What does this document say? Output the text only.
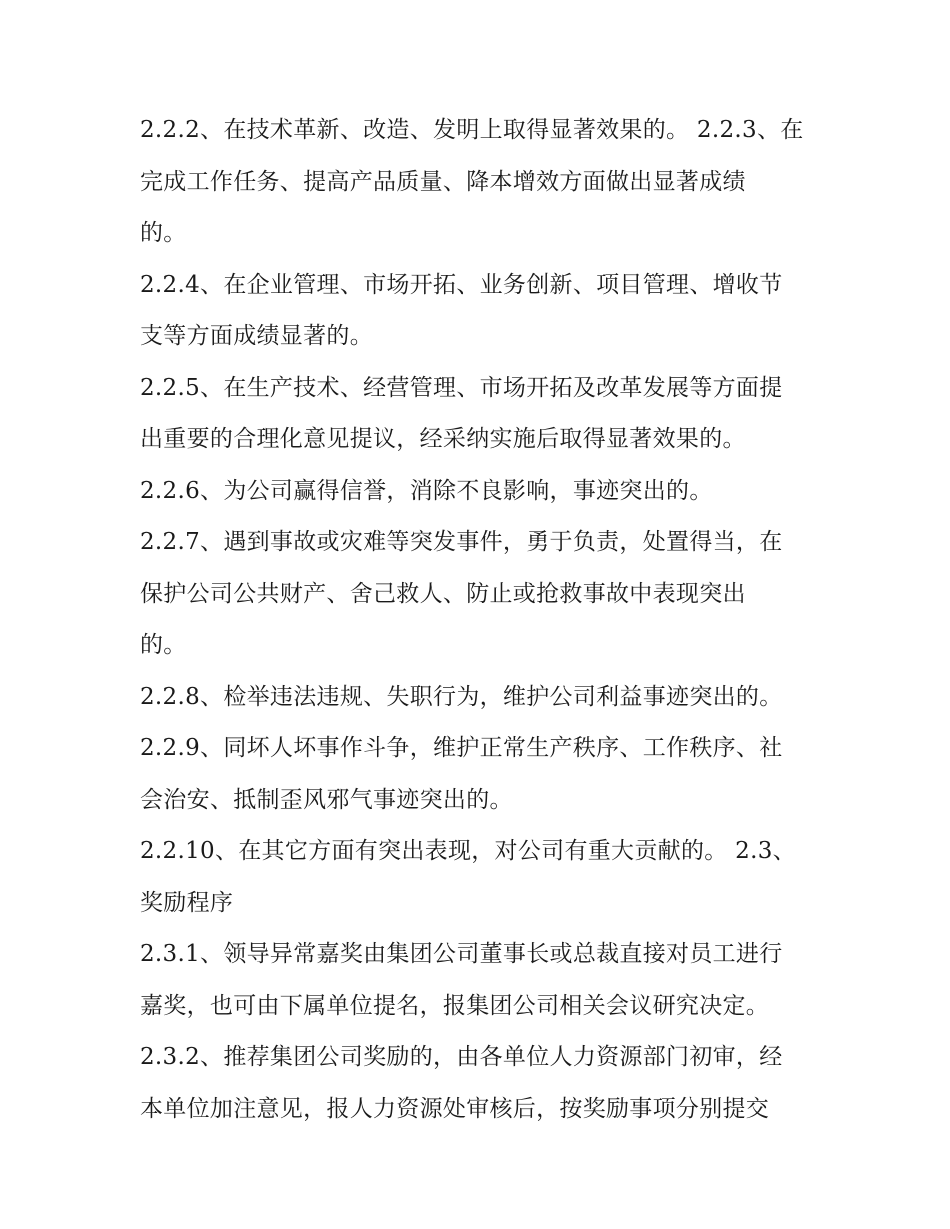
2.2.2、在技术革新、改造、发明上取得显著效果的。 2.2.3、在
完成工作任务、提高产品质量、降本增效方面做出显著成绩
的。
2.2.4、在企业管理、市场开拓、业务创新、项目管理、增收节
支等方面成绩显著的。
2.2.5、在生产技术、经营管理、市场开拓及改革发展等方面提
出重要的合理化意见提议，经采纳实施后取得显著效果的。
2.2.6、为公司赢得信誉，消除不良影响，事迹突出的。
2.2.7、遇到事故或灾难等突发事件，勇于负责，处置得当，在
保护公司公共财产、舍己救人、防止或抢救事故中表现突出
的。
2.2.8、检举违法违规、失职行为，维护公司利益事迹突出的。
2.2.9、同坏人坏事作斗争，维护正常生产秩序、工作秩序、社
会治安、抵制歪风邪气事迹突出的。
2.2.10、在其它方面有突出表现，对公司有重大贡献的。 2.3、
奖励程序
2.3.1、领导异常嘉奖由集团公司董事长或总裁直接对员工进行
嘉奖，也可由下属单位提名，报集团公司相关会议研究决定。
2.3.2、推荐集团公司奖励的，由各单位人力资源部门初审，经
本单位加注意见，报人力资源处审核后，按奖励事项分别提交
